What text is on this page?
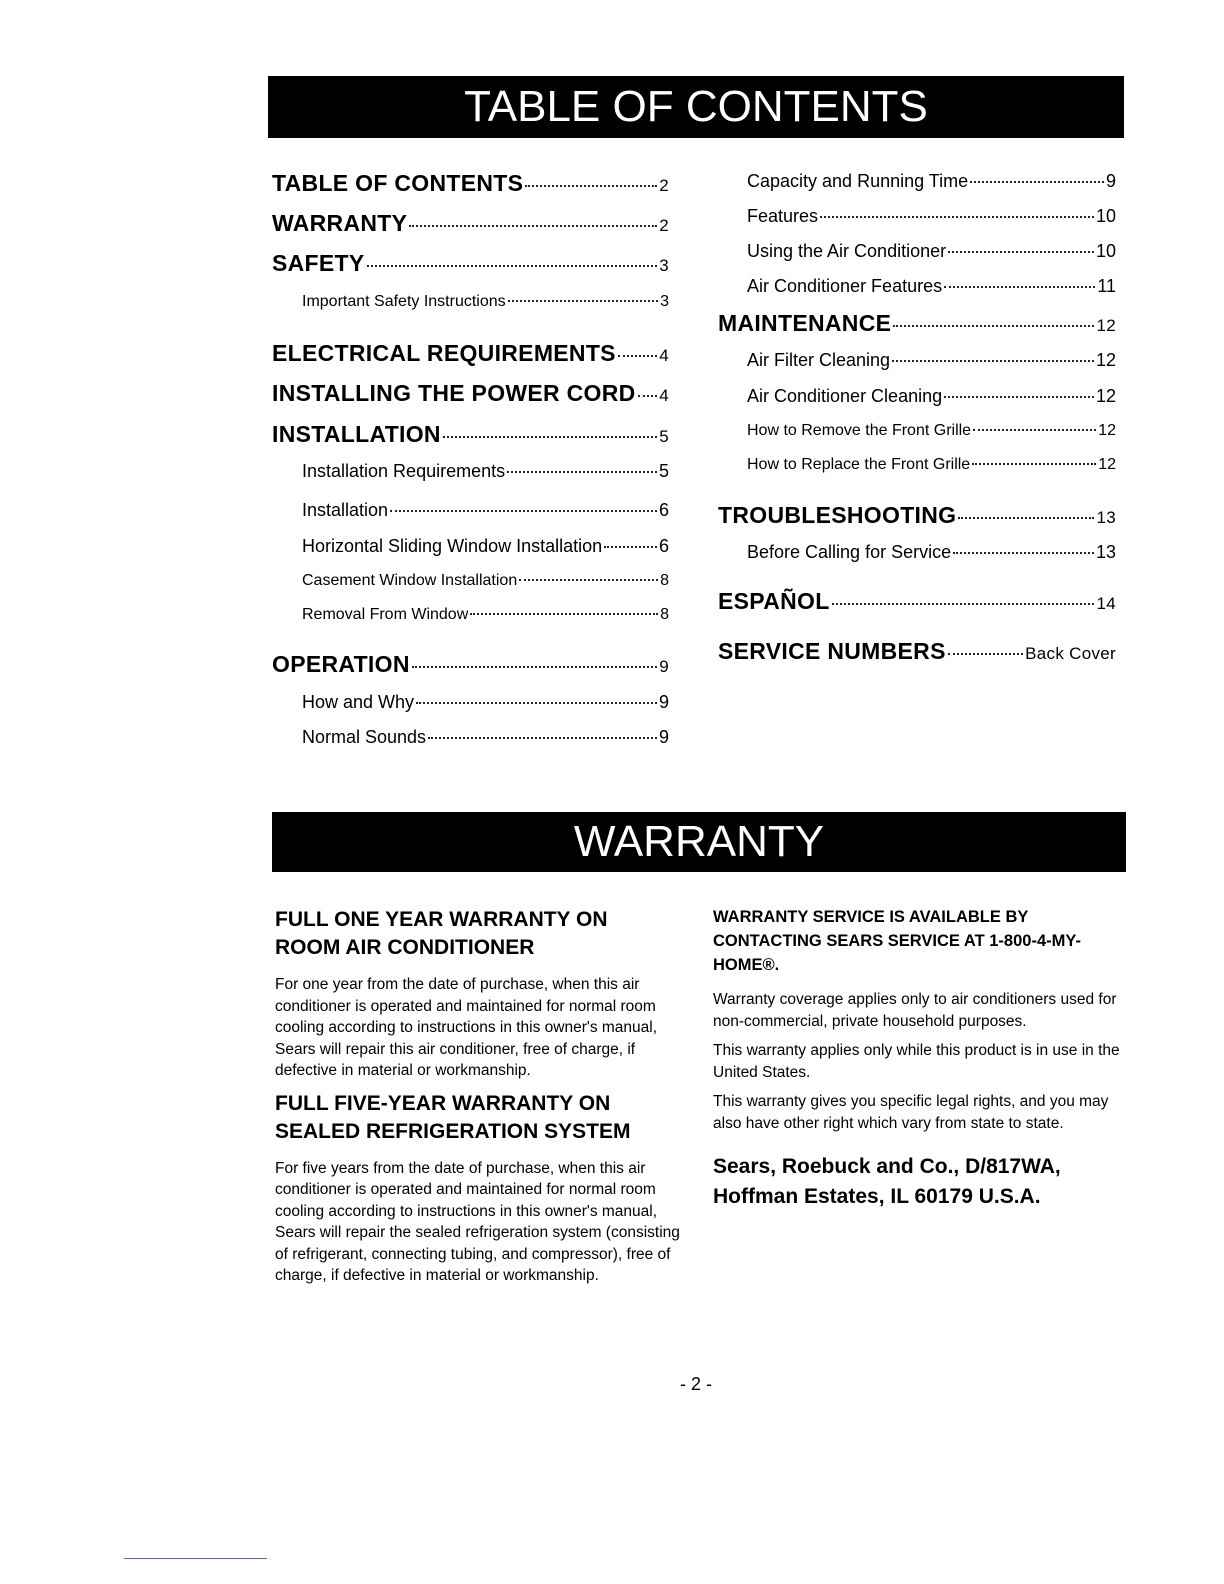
TABLE OF CONTENTS
TABLE OF CONTENTS	2
WARRANTY	2
SAFETY	3
Important Safety Instructions	3
ELECTRICAL REQUIREMENTS	4
INSTALLING THE POWER CORD 4
INSTALLATION	5
Installation Requirements	5
Installation	6
Horizontal Sliding Window Installation	6
Casement Window Installation	8
Removal From Window	8
OPERATION	9
How and Why	9
Normal Sounds	9
Capacity and Running Time	9
Features	10
Using the Air Conditioner	10
Air Conditioner Features	11
MAINTENANCE	12
Air Filter Cleaning	12
Air Conditioner Cleaning	12
How to Remove the Front Grille	12
How to Replace the Front Grille	12
TROUBLESHOOTING	13
Before Calling for Service	13
ESPAÑOL	14
SERVICE NUMBERS	Back Cover
WARRANTY

FULL ONE YEAR WARRANTY ON ROOM AIR CONDITIONER

For one year from the date of purchase, when this air conditioner is operated and maintained for normal room cooling according to instructions in this owner's manual, Sears will repair this air conditioner, free of charge, if defective in material or workmanship.

FULL FIVE-YEAR WARRANTY ON SEALED REFRIGERATION SYSTEM

For five years from the date of purchase, when this air conditioner is operated and maintained for normal room cooling according to instructions in this owner's manual, Sears will repair the sealed refrigeration system (consisting of refrigerant, connecting tubing, and compressor), free of charge, if defective in material or workmanship.

WARRANTY SERVICE IS AVAILABLE BY CONTACTING SEARS SERVICE AT 1-800-4-MY-HOME®.

Warranty coverage applies only to air conditioners used for non-commercial, private household purposes.

This warranty applies only while this product is in use in the United States.

This warranty gives you specific legal rights, and you may also have other right which vary from state to state.

Sears, Roebuck and Co., D/817WA,

Hoffman Estates, IL 60179 U.S.A.

- 2 -
